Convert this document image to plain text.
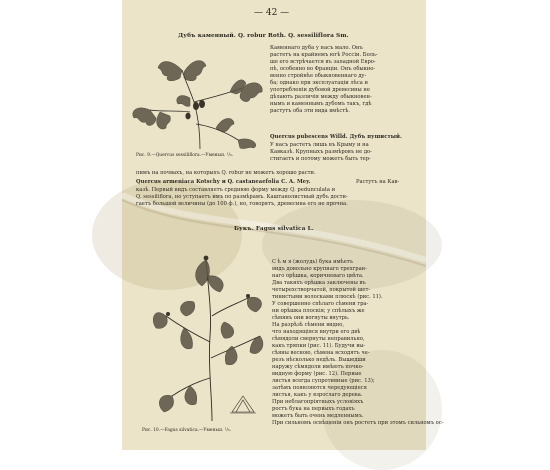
— 42 —
Дубъ каменный. Q. robur Roth. Q. sessiliflora Sm.
Рис. 9.—Quercus sessiliflora.—Уменьш. ¹/₃.
Каменнаго дуба у насъ мало. Онъ
растетъ на крайнемъ югѣ Россіи. Боль-
ше его встрѣчается въ западной Евро-
пѣ, особенно во Франціи. Онъ обыкно-
венно стройнѣе обыкновеннаго ду-
ба; однако при эксплуатаціи лѣса и
употребленіи дубовой древесины не
дѣлають различія между обыкновен-
нымъ и каменнымъ дубомъ такъ, гдѣ
растутъ оба эти вида вмѣстѣ.
Quercus pubescens Willd. Дубъ пушистый.
У насъ растетъ лишь въ Крыму и на
Кавказѣ. Крупныхъ размѣровъ не до-
стигаетъ и потому можетъ быть тер-
пимъ на почвахъ, на которыхъ Q. robur не можетъ хорошо расти.
Quercus armeniaca Kotschy и Q. castaneaefolia C. A. Mey.	Растутъ на Кав-
казѣ. Первый видъ составляетъ среднюю форму между Q. pedunculata и
Q. sessiliflora, но уступаетъ имъ по размѣрамъ. Каштанолистный дубъ дости-
гаетъ большой величины (до 100 ф.), но, говорятъ, древесина его не прочна.
Букъ. Fagus silvatica L.
Рис. 10.—Fagus silvatica.—Уменьш. ¹/₅.
С ѣ м я (жолудь) бука имѣетъ
видъ довольно крупнаго трехгран-
наго орѣшка, коричневаго цвѣта.
Два такихъ орѣшка заключены въ
четырехстворчатой, покрытой шет-
тинистыми волосками плюскѣ (рис. 11).
У совершенно спѣлаго сѣмени гра-
ни орѣшка плоскія; у спѣлыхъ же
сѣмянъ они вогнуты внутрь.
На разрѣзѣ сѣмени видно,
что находящіяся внутри его двѣ
сѣмядоли свернуты неправильно,
какъ тряпки (рис. 11). Будучи вы-
сѣяны весною, сѣмена всходятъ че-
резъ нѣсколько недѣль. Вышедши
наружу сѣмядоли имѣютъ почко-
видную форму (рис. 12). Первые
листья всегда супротивные (рис. 13);
затѣмъ появляются чередующіеся
листья, какъ у взрослаго дерева.
При неблагопріятныхъ условіяхъ
ростъ бука на первыхъ годахъ
можетъ быть очень медленнымъ.
При сильномъ освѣщеніи онъ ростетъ при этомъ сильномъ ос-
